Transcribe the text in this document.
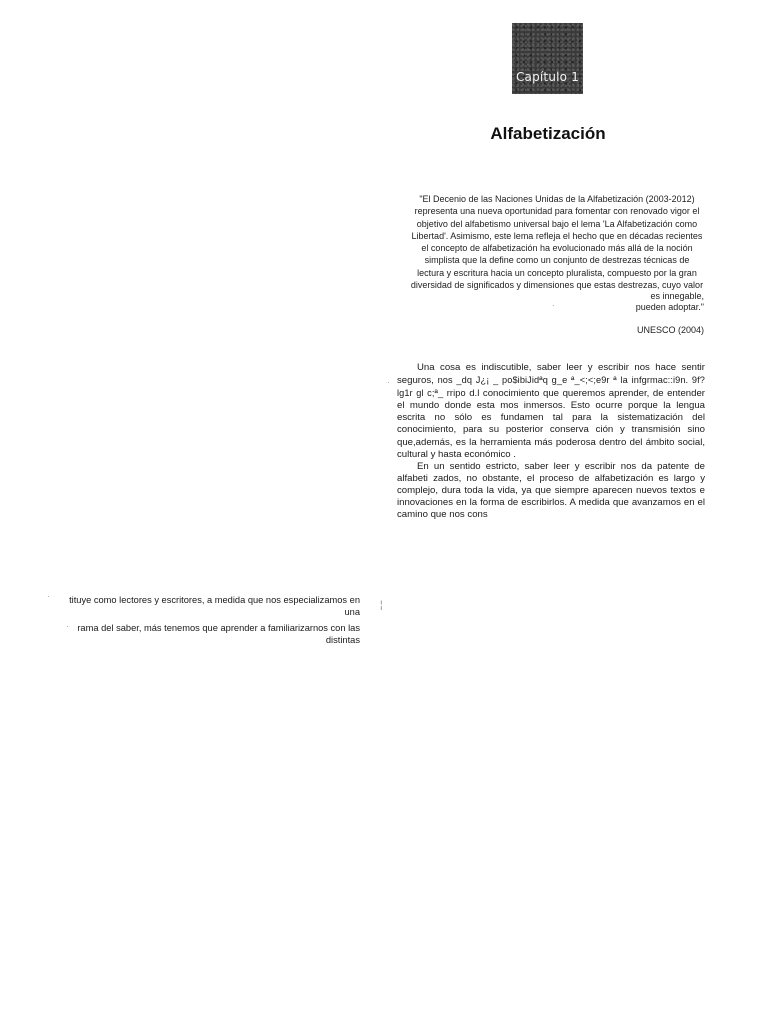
Capítulo 1
Alfabetización
"El Decenio de las Naciones Unidas de la Alfabetización (2003-2012) representa una nueva oportunidad para fomentar con renovado vigor el objetivo del alfabetismo universal bajo el lema 'La Alfabetización como Libertad'. Asimismo, este lema refleja el hecho que en décadas recientes el concepto de alfabetización ha evolucionado más allá de la noción simplista que la define como un conjunto de destrezas técnicas de lectura y escritura hacia un concepto pluralista, compuesto por la gran diversidad de significados y dimensiones que estas destrezas, cuyo valor
es innegable,
pueden adoptar."
UNESCO (2004)
·
·
·
·
¦

Una cosa es indiscutible, saber leer y escribir nos hace sentir seguros, nos _dq J¿¡ _ po$ibiJidªq g_e ª_<;<;e9r ª la infgrmac::i9n. 9f? lg1r gl c;ª_ rripo d.l conocimiento que queremos aprender, de entender el mundo donde esta mos inmersos. Esto ocurre porque la lengua escrita no sólo es fundamen tal para la sistematización del conocimiento, para su posterior conserva ción y transmisión sino que,además, es la herramienta más poderosa dentro del ámbito social, cultural y hasta económico .

En un sentido estricto, saber leer y escribir nos da patente de alfabeti zados, no obstante, el proceso de alfabetización es largo y complejo, dura toda la vida, ya que siempre aparecen nuevos textos e innovaciones en la forma de escribirlos. A medida que avanzamos en el camino que nos cons

tituye como lectores y escritores, a medida que nos especializamos en una

rama del saber, más tenemos que aprender a familiarizarnos con las distintas
